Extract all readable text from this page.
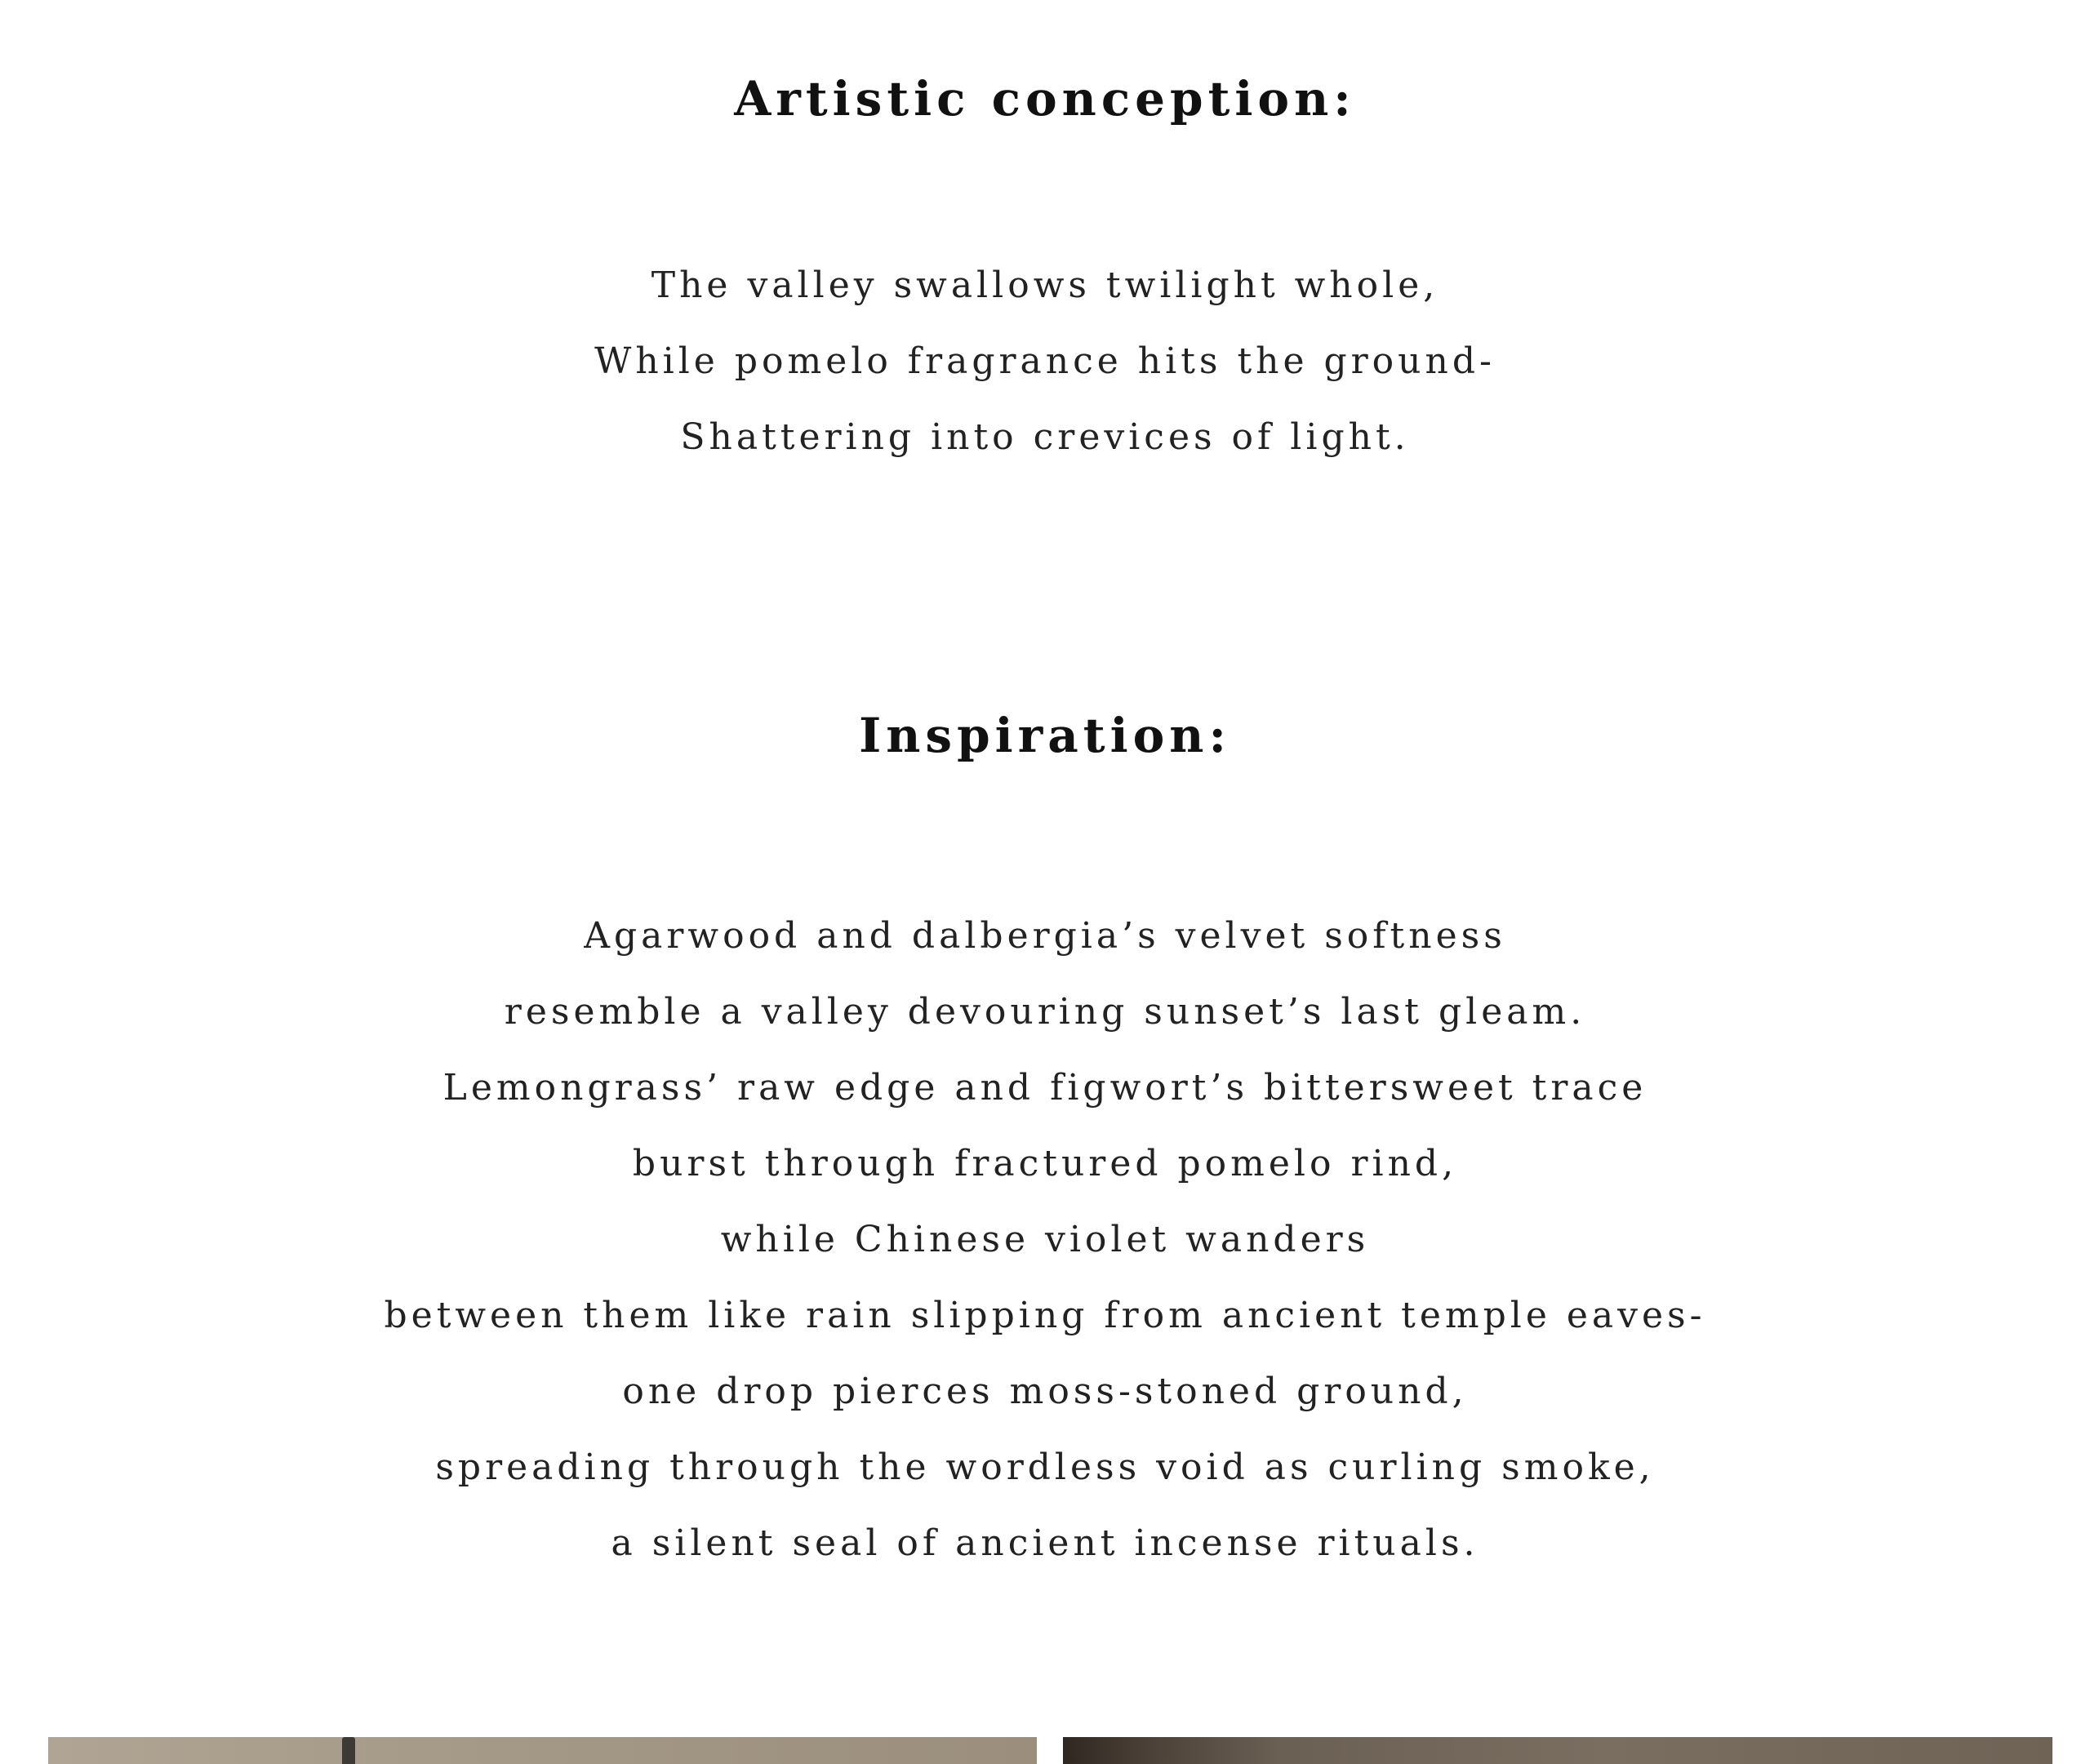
Artistic conception:
The valley swallows twilight whole,
While pomelo fragrance hits the ground-
Shattering into crevices of light.
Inspiration:
Agarwood and dalbergia’s velvet softness
resemble a valley devouring sunset’s last gleam.
Lemongrass’ raw edge and figwort’s bittersweet trace
burst through fractured pomelo rind,
while Chinese violet wanders
between them like rain slipping from ancient temple eaves-
one drop pierces moss-stoned ground,
spreading through the wordless void as curling smoke,
a silent seal of ancient incense rituals.
